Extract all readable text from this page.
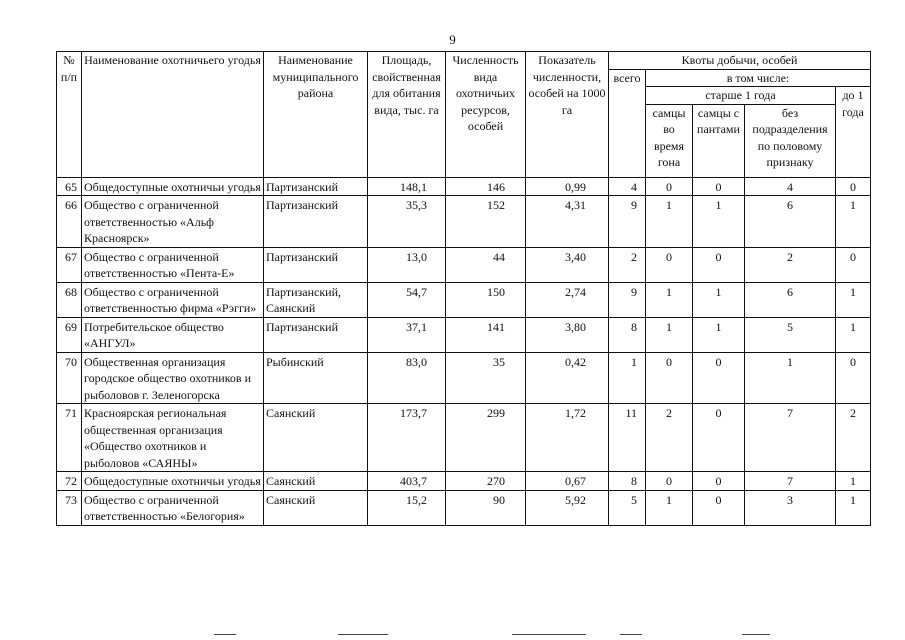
9
№ п/п	Наименование охотничьего угодья	Наименование муниципального района	Площадь, свойственная для обитания вида, тыс. га	Численность вида охотничьих ресурсов, особей	Показатель численности, особей на 1000 га	Квоты добычи, особей				
						всего	в том числе:			
							старше 1 года			до 1 года
							самцы во время гона	самцы с пантами	без подразделения по половому признаку	
65	Общедоступные охотничьи угодья	Партизанский	148,1	146	0,99	4	0	0	4	0
66	Общество с ограниченной ответственностью «Альф Красноярск»	Партизанский	35,3	152	4,31	9	1	1	6	1
67	Общество с ограниченной ответственностью «Пента-Е»	Партизанский	13,0	44	3,40	2	0	0	2	0
68	Общество с ограниченной ответственностью фирма «Рэгги»	Партизанский, Саянский	54,7	150	2,74	9	1	1	6	1
69	Потребительское общество «АНГУЛ»	Партизанский	37,1	141	3,80	8	1	1	5	1
70	Общественная организация городское общество охотников и рыболовов г. Зеленогорска	Рыбинский	83,0	35	0,42	1	0	0	1	0
71	Красноярская региональная общественная организация «Общество охотников и рыболовов «САЯНЫ»	Саянский	173,7	299	1,72	11	2	0	7	2
72	Общедоступные охотничьи угодья	Саянский	403,7	270	0,67	8	0	0	7	1
73	Общество с ограниченной ответственностью «Белогория»	Саянский	15,2	90	5,92	5	1	0	3	1
